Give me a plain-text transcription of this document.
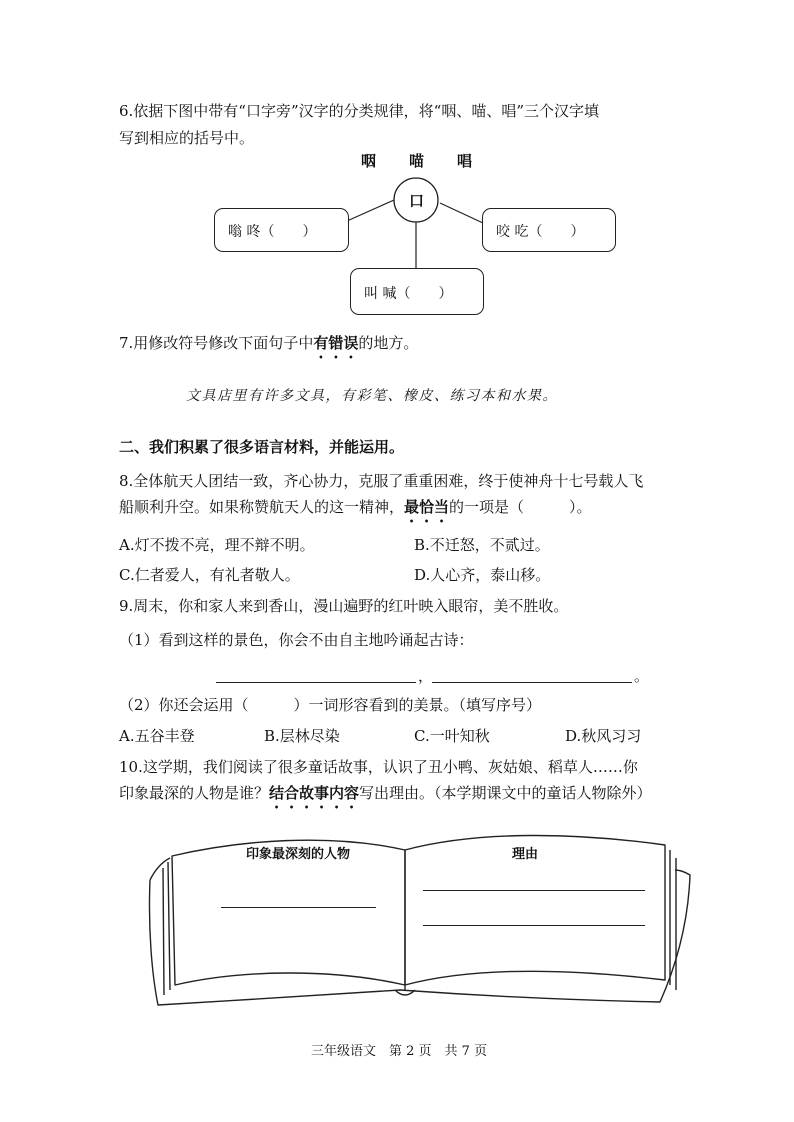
6.依据下图中带有“口字旁”汉字的分类规律，将“咽、喵、唱”三个汉字填
写到相应的括号中。
咽 喵 唱
口
嗡 咚（　　）	咬 吃（　　）
叫 喊（　　）
7.用修改符号修改下面句子中有错误的地方。
文具店里有许多文具，有彩笔、橡皮、练习本和水果。
二、我们积累了很多语言材料，并能运用。
8.全体航天人团结一致，齐心协力，克服了重重困难，终于使神舟十七号载人飞
船顺利升空。如果称赞航天人的这一精神，最恰当的一项是（　　　）。
A.灯不拨不亮，理不辩不明。	B.不迁怒，不贰过。
C.仁者爱人，有礼者敬人。	D.人心齐，泰山移。
9.周末，你和家人来到香山，漫山遍野的红叶映入眼帘，美不胜收。
（1）看到这样的景色，你会不由自主地吟诵起古诗：
，	。
（2）你还会运用（　　　）一词形容看到的美景。（填写序号）
A.五谷丰登	B.层林尽染	C.一叶知秋	D.秋风习习
10.这学期，我们阅读了很多童话故事，认识了丑小鸭、灰姑娘、稻草人……你
印象最深的人物是谁？结合故事内容写出理由。（本学期课文中的童话人物除外）
印象最深刻的人物	理由
三年级语文　第 2 页　共 7 页
